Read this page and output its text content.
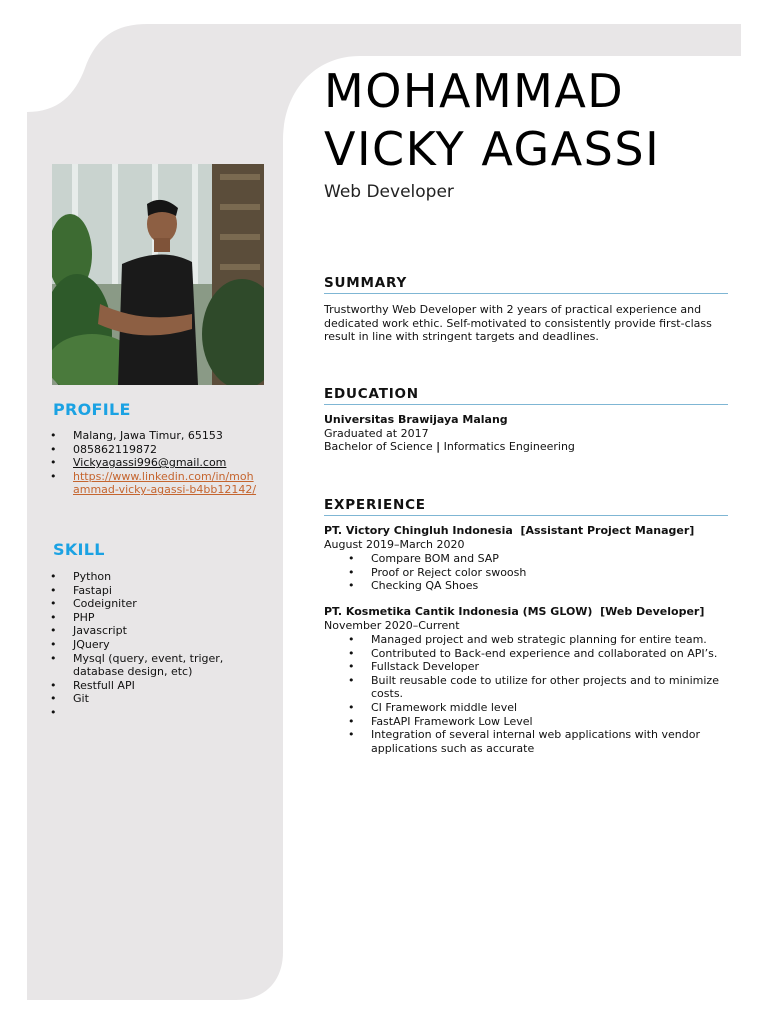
PROFILE
• Malang, Jawa Timur, 65153
• 085862119872
• Vickyagassi996@gmail.com
• https://www.linkedin.com/in/moh
ammad-vicky-agassi-b4bb12142/
SKILL
• Python
• Fastapi
• Codeigniter
• PHP
• Javascript
• JQuery
• Mysql (query, event, triger, database design, etc)
• Restfull API
• Git
•
MOHAMMAD
VICKY AGASSI
Web Developer
SUMMARY
Trustworthy Web Developer with 2 years of practical experience and dedicated work ethic. Self-motivated to consistently provide first-class result in line with stringent targets and deadlines.
EDUCATION
Universitas Brawijaya Malang
Graduated at 2017
Bachelor of Science | Informatics Engineering
EXPERIENCE
PT. Victory Chingluh Indonesia  [Assistant Project Manager]
August 2019–March 2020
• Compare BOM and SAP
• Proof or Reject color swoosh
• Checking QA Shoes
PT. Kosmetika Cantik Indonesia (MS GLOW)  [Web Developer]
November 2020–Current
• Managed project and web strategic planning for entire team.
• Contributed to Back-end experience and collaborated on API’s.
• Fullstack Developer
• Built reusable code to utilize for other projects and to minimize costs.
• CI Framework middle level
• FastAPI Framework Low Level
• Integration of several internal web applications with vendor applications such as accurate
